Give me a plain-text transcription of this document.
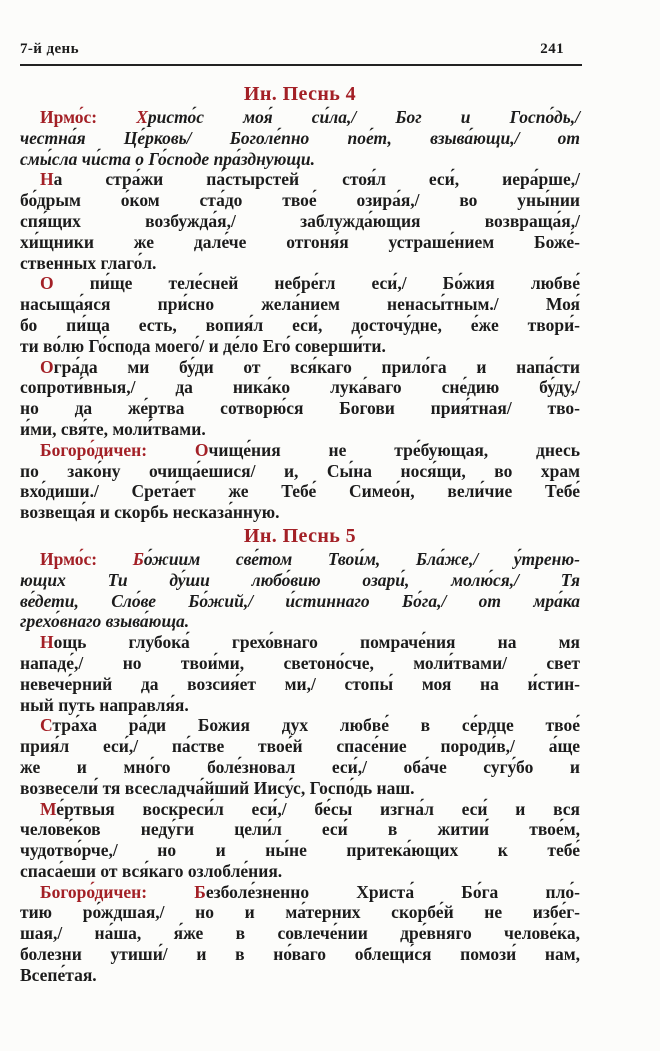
7-й день	241
Ин. Песнь 4
Ирмо́с: Христо́с моя́ си́ла,/ Бог и Госпо́дь,/
честна́я Це́рковь/ Боголе́пно пое́т, взыва́ющи,/ от
смы́сла чи́ста о Го́споде пра́зднующи.
На стра́жи па́стырстей стоя́л еси́, иера́рше,/
бо́дрым о́ком ста́до твое́ озира́я,/ во уны́нии
спя́щих возбужда́я,/ заблужда́ющия возвраща́я,/
хи́щники же дале́че отгоня́я устраше́нием Боже́-
ственных глаго́л.
О пи́ще теле́сней небре́гл еси́,/ Бо́жия любве́
насыща́яся при́сно жела́нием ненасы́тным./ Моя́
бо пи́ща есть, вопия́л еси́, досточу́дне, е́же твори́-
ти во́лю Го́спода моего́/ и де́ло Его́ соверши́ти.
Огра́да ми бу́ди от вся́каго прило́га и напа́сти
сопроти́вныя,/ да ника́ко лука́ваго сне́дию бу́ду,/
но да же́ртва сотворю́ся Богови прия́тная/ тво-
и́ми, свя́те, моли́твами.
Богоро́дичен: Очище́ния не тре́бующая, днесь
по зако́ну очища́ешися/ и, Сы́на нося́щи, во храм
вхо́диши./ Срета́ет же Тебе́ Симео́н, вели́чие Тебе́
возвеща́я и скорбь несказа́нную.
Ин. Песнь 5
Ирмо́с: Бо́жиим све́том Твои́м, Бла́же,/ у́треню-
ющих Ти ду́ши любо́вию озари́, молю́ся,/ Тя
ве́дети, Сло́ве Бо́жий,/ и́стиннаго Бо́га,/ от мра́ка
грехо́внаго взыва́юща.
Нощь глубока́ грехо́внаго помраче́ния на мя
нападе́,/ но твои́ми, светоно́сче, моли́твами/ свет
невече́рний да возсия́ет ми,/ стопы́ моя на и́стин-
ный путь направля́я.
Стра́ха ра́ди Божия дух любве́ в се́рдце твое́
прия́л еси́,/ па́стве твое́й спасе́ние породи́в,/ а́ще
же и мно́го боле́зновал еси́,/ оба́че сугу́бо и
возвесели́ тя всесладча́йший Иису́с, Госпо́дь наш.
Ме́ртвыя воскреси́л еси́,/ бе́сы изгна́л еси́ и вся
челове́ков неду́ги цели́л еси́ в житии́ твое́м,
чудотво́рче,/ но и ны́не притека́ющих к тебе́
спаса́еши от вся́каго озлобле́ния.
Богоро́дичен: Безболе́зненно Христа́ Бо́га пло́-
тию ро́ждшая,/ но и ма́терних скорбе́й не избе́г-
шая,/ на́ша, я́же в совлече́нии дре́вняго челове́ка,
болезни утиши́/ и в но́ваго облещи́ся помози́ нам,
Всепе́тая.
